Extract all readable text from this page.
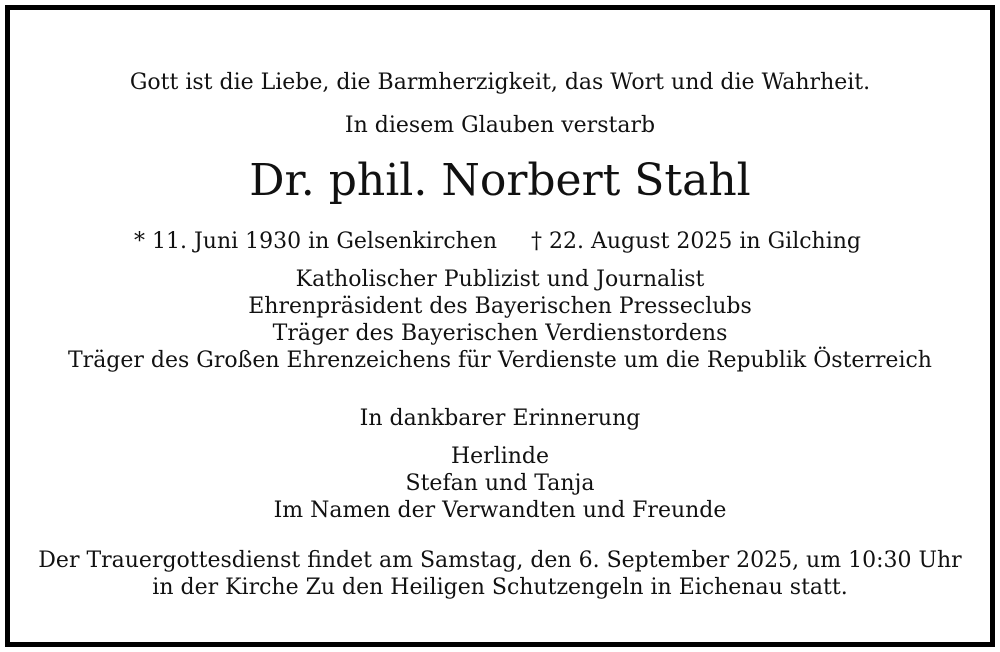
Gott ist die Liebe, die Barmherzigkeit, das Wort und die Wahrheit.
In diesem Glauben verstarb
Dr. phil. Norbert Stahl
* 11. Juni 1930 in Gelsenkirchen † 22. August 2025 in Gilching
Katholischer Publizist und Journalist
Ehrenpräsident des Bayerischen Presseclubs
Träger des Bayerischen Verdienstordens
Träger des Großen Ehrenzeichens für Verdienste um die Republik Österreich
In dankbarer Erinnerung
Herlinde
Stefan und Tanja
Im Namen der Verwandten und Freunde
Der Trauergottesdienst findet am Samstag, den 6. September 2025, um 10:30 Uhr
in der Kirche Zu den Heiligen Schutzengeln in Eichenau statt.
